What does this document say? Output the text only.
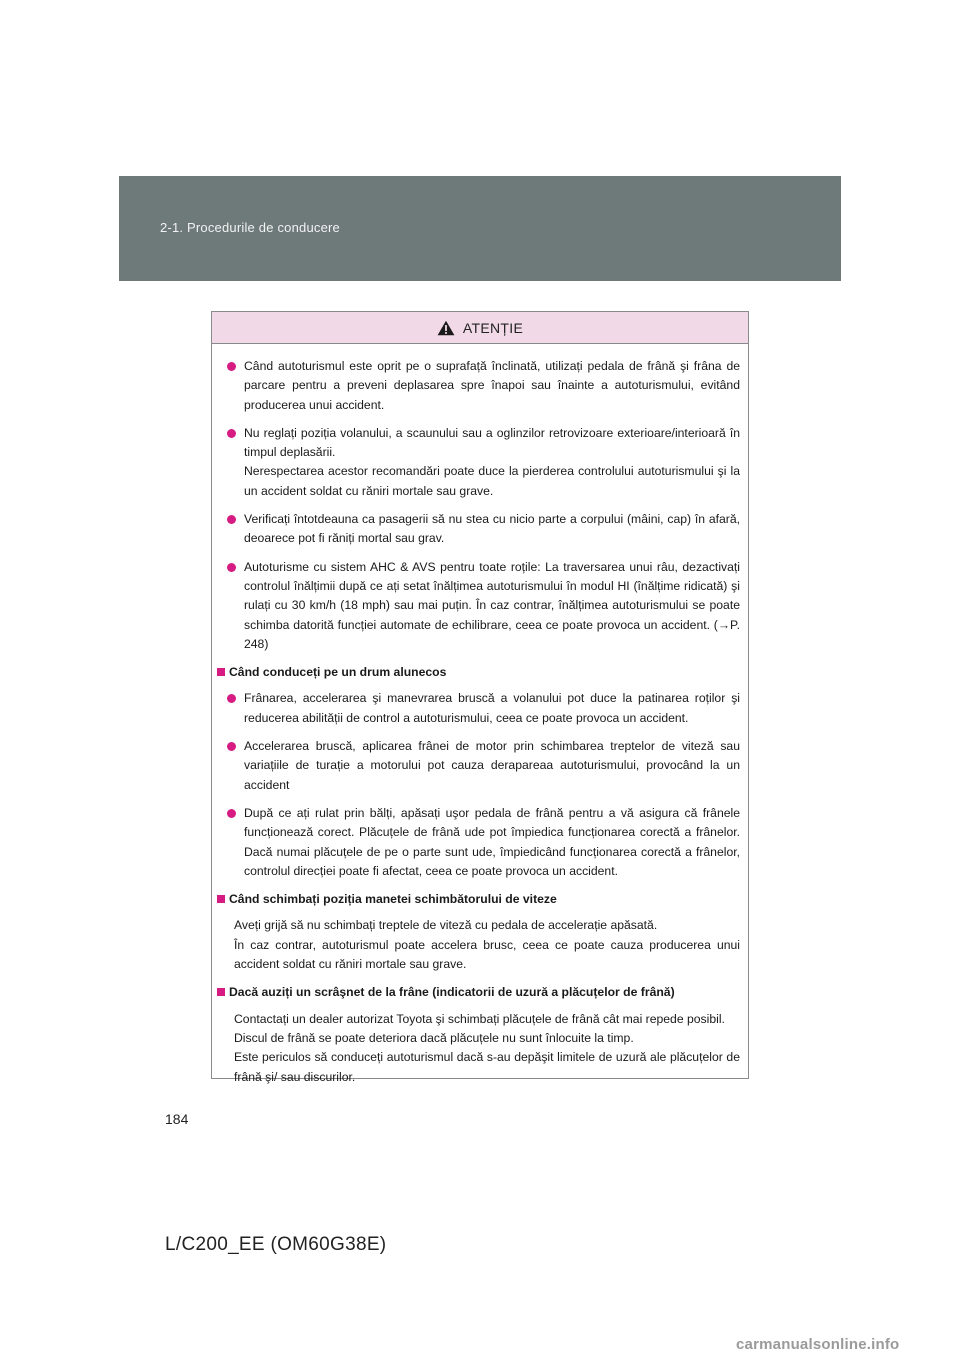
2-1. Procedurile de conducere
ATENȚIE

Când autoturismul este oprit pe o suprafață înclinată, utilizați pedala de frână şi frâna de parcare pentru a preveni deplasarea spre înapoi sau înainte a autoturismului, evitând producerea unui accident.

Nu reglați poziția volanului, a scaunului sau a oglinzilor retrovizoare exterioare/interioară în timpul deplasării.

Nerespectarea acestor recomandări poate duce la pierderea controlului autoturismului şi la un accident soldat cu răniri mortale sau grave.

Verificați întotdeauna ca pasagerii să nu stea cu nicio parte a corpului (mâini, cap) în afară, deoarece pot fi răniți mortal sau grav.

Autoturisme cu sistem AHC & AVS pentru toate roțile: La traversarea unui râu, dezactivați controlul înălțimii după ce ați setat înălțimea autoturismului în modul HI (înălțime ridicată) şi rulați cu 30 km/h (18 mph) sau mai puțin. În caz contrar, înălțimea autoturismului se poate schimba datorită funcției automate de echilibrare, ceea ce poate provoca un accident. (→P. 248)

Când conduceți pe un drum alunecos

Frânarea, accelerarea şi manevrarea bruscă a volanului pot duce la patinarea roților şi reducerea abilității de control a autoturismului, ceea ce poate provoca un accident.

Accelerarea bruscă, aplicarea frânei de motor prin schimbarea treptelor de viteză sau variațiile de turație a motorului pot cauza derapareaa autoturismului, provocând la un accident

După ce ați rulat prin bălți, apăsați uşor pedala de frână pentru a vă asigura că frânele funcționează corect. Plăcuțele de frână ude pot împiedica funcționarea corectă a frânelor. Dacă numai plăcuțele de pe o parte sunt ude, împiedicând funcționarea corectă a frânelor, controlul direcției poate fi afectat, ceea ce poate provoca un accident.

Când schimbați poziția manetei schimbătorului de viteze

Aveți grijă să nu schimbați treptele de viteză cu pedala de accelerație apăsată.

În caz contrar, autoturismul poate accelera brusc, ceea ce poate cauza producerea unui accident soldat cu răniri mortale sau grave.

Dacă auziți un scrâşnet de la frâne (indicatorii de uzură a plăcuțelor de frână)

Contactați un dealer autorizat Toyota şi schimbați plăcuțele de frână cât mai repede posibil.

Discul de frână se poate deteriora dacă plăcuțele nu sunt înlocuite la timp.

Este periculos să conduceți autoturismul dacă s-au depăşit limitele de uzură ale plăcuțelor de frână şi/ sau discurilor.

184
L/C200_EE (OM60G38E)
carmanualsonline.info
